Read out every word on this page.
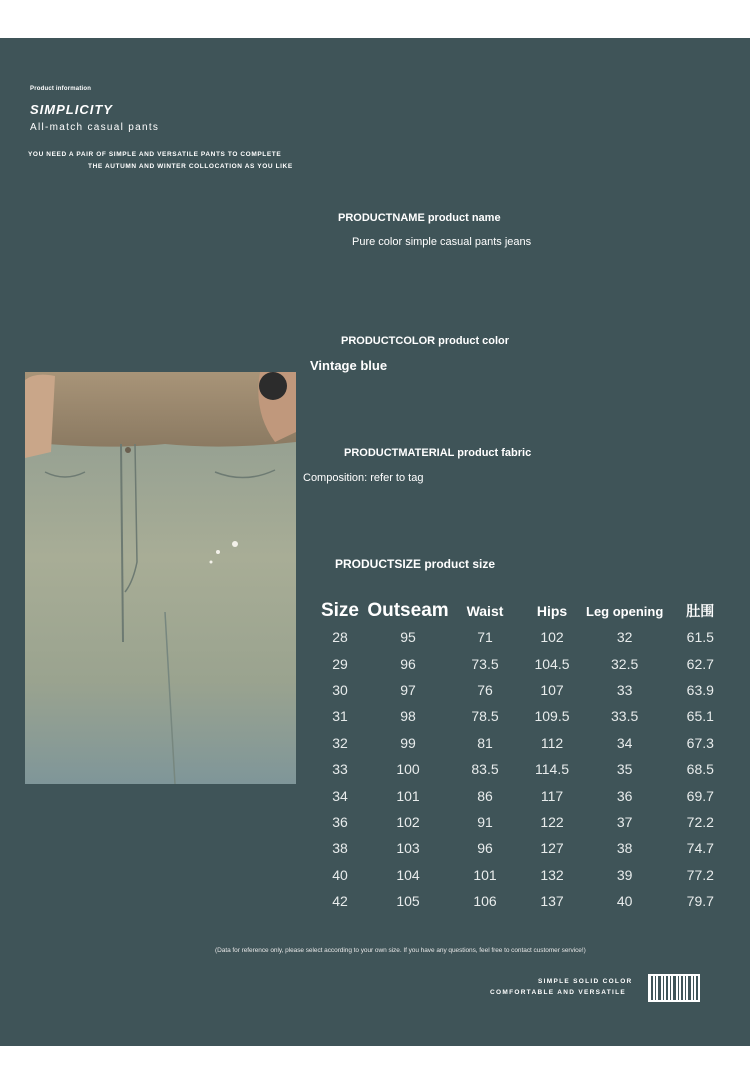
Product information
SIMPLICITY
All-match casual pants
YOU NEED A PAIR OF SIMPLE AND VERSATILE PANTS TO COMPLETE
THE AUTUMN AND WINTER COLLOCATION AS YOU LIKE
PRODUCTNAME product name
Pure color simple casual pants jeans
PRODUCTCOLOR product color
Vintage blue
PRODUCTMATERIAL product fabric
Composition: refer to tag
PRODUCTSIZE product size
Size	Outseam	Waist	Hips	Leg opening	肚围
28	95	71	102	32	61.5
29	96	73.5	104.5	32.5	62.7
30	97	76	107	33	63.9
31	98	78.5	109.5	33.5	65.1
32	99	81	112	34	67.3
33	100	83.5	114.5	35	68.5
34	101	86	117	36	69.7
36	102	91	122	37	72.2
38	103	96	127	38	74.7
40	104	101	132	39	77.2
42	105	106	137	40	79.7
(Data for reference only, please select according to your own size. If you have any questions, feel free to contact customer service!)
SIMPLE SOLID COLOR
COMFORTABLE AND VERSATILE
